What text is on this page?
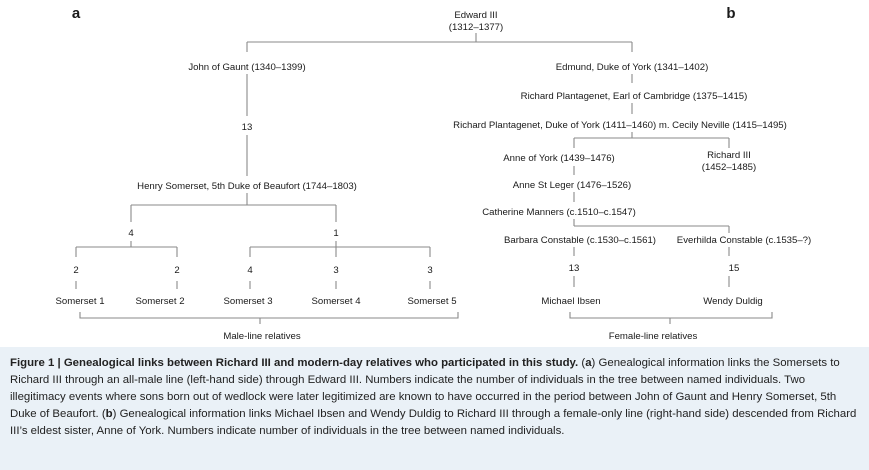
a	b
Edward III
(1312–1377)
John of Gaunt (1340–1399)
13
Henry Somerset, 5th Duke of Beaufort (1744–1803)
4	1
2	2	4	3	3
Somerset 1	Somerset 2	Somerset 3	Somerset 4	Somerset 5
Male-line relatives
Edmund, Duke of York (1341–1402)
Richard Plantagenet, Earl of Cambridge (1375–1415)
Richard Plantagenet, Duke of York (1411–1460) m. Cecily Neville (1415–1495)
Anne of York (1439–1476)	Richard III
(1452–1485)
Anne St Leger (1476–1526)
Catherine Manners (c.1510–c.1547)
Barbara Constable (c.1530–c.1561) Everhilda Constable (c.1535–?)
13	15
Michael Ibsen	Wendy Duldig
Female-line relatives
Figure 1 | Genealogical links between Richard III and modern-day relatives who participated in this study. (a) Genealogical information links the Somersets to Richard III through an all-male line (left-hand side) through Edward III. Numbers indicate the number of individuals in the tree between named individuals. Two illegitimacy events where sons born out of wedlock were later legitimized are known to have occurred in the period between John of Gaunt and Henry Somerset, 5th Duke of Beaufort. (b) Genealogical information links Michael Ibsen and Wendy Duldig to Richard III through a female-only line (right-hand side) descended from Richard III’s eldest sister, Anne of York. Numbers indicate number of individuals in the tree between named individuals.
